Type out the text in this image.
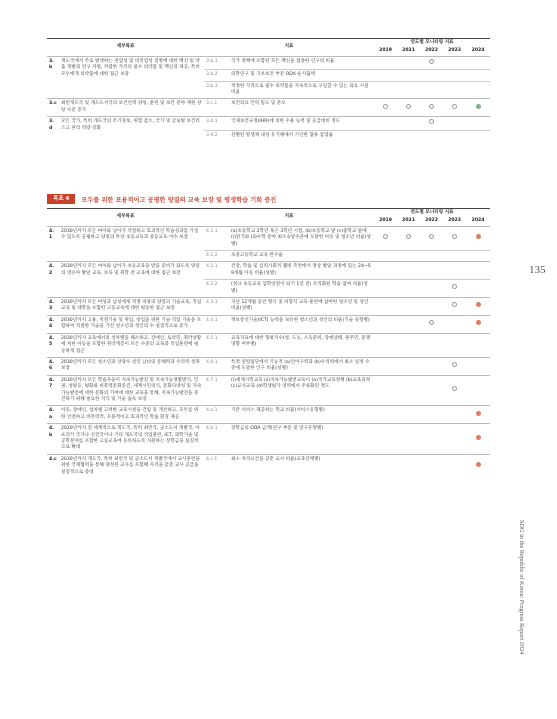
세부목표		지표		연도별 모니터링 지표				
				2019	2021	2022	2023	2024
3.b	개도국에서 주로 발생하는 전염성 및 비전염성 질병에 대한 백신 및 약품 개발과 연구 지원, 저렴한 가격의 필수 의약품 및 백신의 제공, 특히 모두에게 의약품에 대한 접근 보장	3.b.1	국가 정책에 포함된 모든 백신을 접종한 인구의 비율					
		3.b.2	의학연구 및 기초보건 부문 ODA 순지출액					
		3.b.3	적정한 가격으로 필수 의약품을 지속적으로 구입할 수 있는 의료 시설 비율					
3.c	최빈개도국 및 개도도서국의 보건인력 양성, 훈련 및 보건 분야 재원 상당 수준 증가	3.c.1	보건의료 인력 밀도 및 분포					
3.d	모든 국가, 특히 개도국의 조기경보, 위험 감소, 국가 및 글로벌 보건리스크 관리 역량 강화	3.d.1	국제보건규정(IHR)에 의한 수용 능력 및 응급대비 정도					
		3.d.2	선별된 항생제 내성 유기체에서 기인한 혈류 감염률					
목표 4	모두를 위한 포용적이고 공평한 양질의 교육 보장 및 평생학습 기회 증진
세부목표		지표		연도별 모니터링 지표				
				2019	2021	2022	2023	2024
4.1	2030년까지 모든 여아와 남아가 적절하고 효과적인 학습성과를 가질 수 있도록 공평하고 양질의 무상 초등교육과 중등교육 이수 보장	4.1.1	(a)초등학교 2학년 혹은 3학년 시점, (b)초등학교 말 (c)중학교 말에 (i)읽기와 (ii)수학 분야 최소숙달수준에 도달한 아동 및 청소년 비율(성별)					
		4.1.2	초중고등학교 교육 완수율					
4.2	2030년까지 모든 여아와 남아가 초등교육을 받을 준비가 되도록 양질의 영유아 발달 교육, 보육 및 취학 전 교육에 대한 접근 보장	4.2.1	건강, 학습 및 심리사회적 웰빙 측면에서 정상 발달 과정에 있는 24~59개월 아동 비율(성별)					
		4.2.2	(정규 초등교육 입학연령이 되기 1년 전) 조직화된 학습 참여 비율(성별)					
4.3	2030년까지 모든 여성과 남성에게 적정 비용의 양질의 기술교육, 직업교육 및 대학을 포함한 고등교육에 대한 평등한 접근 보장	4.3.1	지난 12개월 동안 형식 및 비형식 교육·훈련에 참여한 청소년 및 성인 비율(성별)					
4.4	2030년까지 고용, 적정기술 및 취업, 창업을 위한 기술·직업 기술을 포함하여 적절한 기술을 가진 청소년과 성인의 수 실질적으로 증가	4.4.1	정보통신기술(ICT) 능력을 보유한 청소년과 성인의 비율(기술 유형별)					
4.5	2030년까지 교육에서의 성차별을 해소하고, 장애인, 토착민, 취약상황에 처한 아동을 포함한 취약계층이 모든 수준의 교육과 직업훈련에 평등하게 접근	4.5.1	교육지표에 대한 형평지수(성, 도농, 소득분위, 장애상태, 원주민, 분쟁영향 여부별)					
4.6	2030년까지 모든 청소년과 상당수 성인 남녀의 문해력과 수리력 성취 보장	4.6.1	특정 연령집단에서 기능적 (a)언어구력과 (b)수리력에서 최소 일정 수준에 도달한 인구 비율(성별)					
4.7	2030년까지 모든 학습자들이 지속가능발전 및 지속가능생활방식, 인권, 성평등, 평화와 비폭력문화증진, 세계시민의식, 문화다양성 및 지속가능발전에 대한 문화의 기여에 대한 교육을 통해, 지속가능발전을 증진하기 위해 필요한 지식 및 기술 습득 보장	4.7.1	(i)세계시민교육 (ii)지속가능발전교육이 (a)국가교육정책 (b)교육과정 (c)교사교육 (d)학생평가 영역에서 주류화된 정도					
4.a	아동, 장애인, 성차별 고려한 교육시설을 건립 및 개선하고, 모두를 위한 안전하고 비폭력적, 포용적이고 효과적인 학습 환경 제공	4.a.1	기본 서비스 제공하는 학교 비율(서비스유형별)					
4.b	2020년까지 전 세계적으로 개도국, 특히 최빈국, 군소도서 개발국, 아프리카 국가나 선진국이나 기타 개도국의 직업훈련, ICT, 과학기술 및 공학분야를 포함한 고등교육에 등록하도록 지원하는 장학금을 실질적으로 확대	4.b.1	장학금의 ODA 금액(연구 부문 및 연구유형별)					
4.c	2030년까지 개도국, 특히 최빈국 및 군소도서 개발국에서 교사훈련을 위한 국제협력을 통해 양성된 교사를 포함해 자격을 갖춘 교사 공급을 실질적으로 증대	4.c.1	최소 자격요건을 갖춘 교사 비율(교육단계별)					
135
SDG in the Republic of Korea: Progress Report 2024
